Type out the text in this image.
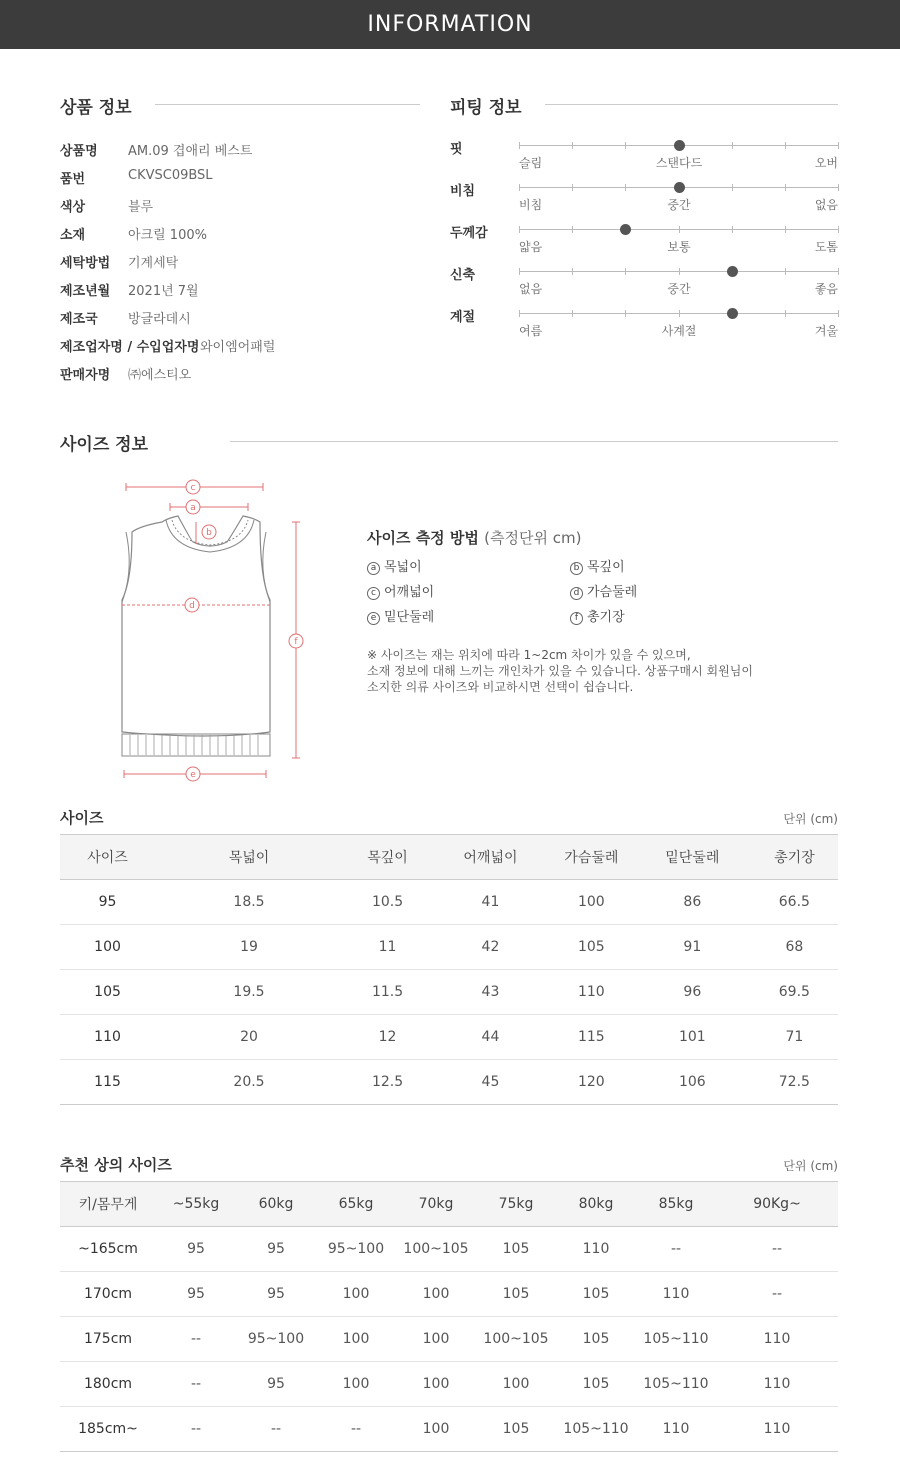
INFORMATION
상품 정보
상품명 AM.09 겹애리 베스트
품번	CKVSC09BSL
색상	블루
소재	아크릴 100%
세탁방법 기계세탁
제조년월 2021년 7월
제조국 방글라데시
제조업자명 / 수입업자명 와이엠어패럴
판매자명 ㈜에스티오
피팅 정보
핏
슬림	스탠다드	오버
비침
비침	중간	없음
두께감
얇음	보통	도톰
신축
없음	중간	좋음
계절
여름	사계절	겨울
사이즈 정보
c
a
b
d
f
e
사이즈 측정 방법 (측정단위 cm)
a 목넓이	b 목깊이
c 어깨넓이	d 가슴둘레
e 밑단둘레	f 총기장
※ 사이즈는 재는 위치에 따라 1~2cm 차이가 있을 수 있으며,
소재 정보에 대해 느끼는 개인차가 있을 수 있습니다. 상품구매시 회원님이
소지한 의류 사이즈와 비교하시면 선택이 쉽습니다.
사이즈	단위 (cm)
사이즈	목넓이	목깊이	어깨넓이	가슴둘레	밑단둘레	총기장
95	18.5	10.5	41	100	86	66.5
100	19	11	42	105	91	68
105	19.5	11.5	43	110	96	69.5
110	20	12	44	115	101	71
115	20.5	12.5	45	120	106	72.5
추천 상의 사이즈	단위 (cm)
키/몸무게	~55kg	60kg	65kg	70kg	75kg	80kg	85kg	90Kg~
~165cm	95	95	95~100	100~105	105	110	--	--
170cm	95	95	100	100	105	105	110	--
175cm	--	95~100	100	100	100~105	105	105~110	110
180cm	--	95	100	100	100	105	105~110	110
185cm~	--	--	--	100	105	105~110	110	110
